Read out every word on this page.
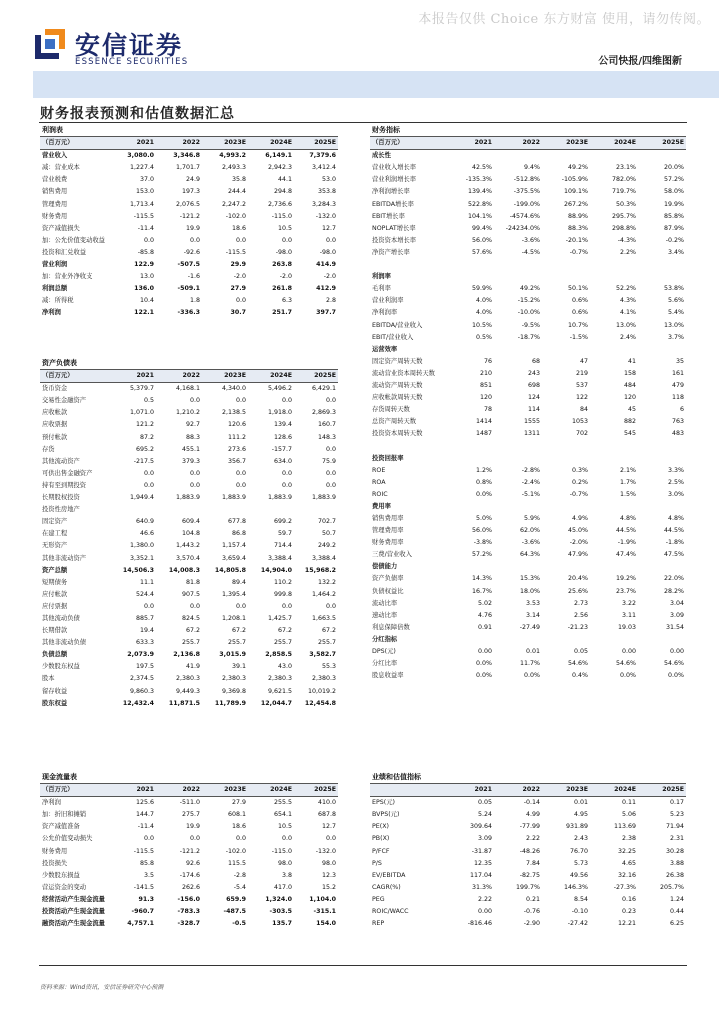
本报告仅供 Choice 东方财富 使用，请勿传阅。
安信证券
ESSENCE SECURITIES	公司快报/四维图新
财务报表预测和估值数据汇总
利润表					
（百万元）	2021	2022	2023E	2024E	2025E
营业收入	3,080.0	3,346.8	4,993.2	6,149.1	7,379.6
减：营业成本	1,227.4	1,701.7	2,493.3	2,942.3	3,412.4
营业税费	37.0	24.9	35.8	44.1	53.0
销售费用	153.0	197.3	244.4	294.8	353.8
管理费用	1,713.4	2,076.5	2,247.2	2,736.6	3,284.3
财务费用	-115.5	-121.2	-102.0	-115.0	-132.0
资产减值损失	-11.4	19.9	18.6	10.5	12.7
加：公允价值变动收益	0.0	0.0	0.0	0.0	0.0
投资和汇兑收益	-85.8	-92.6	-115.5	-98.0	-98.0
营业利润	122.9	-507.5	29.9	263.8	414.9
加：营业外净收支	13.0	-1.6	-2.0	-2.0	-2.0
利润总额	136.0	-509.1	27.9	261.8	412.9
减：所得税	10.4	1.8	0.0	6.3	2.8
净利润	122.1	-336.3	30.7	251.7	397.7
资产负债表					
（百万元）	2021	2022	2023E	2024E	2025E
货币资金	5,379.7	4,168.1	4,340.0	5,496.2	6,429.1
交易性金融资产	0.5	0.0	0.0	0.0	0.0
应收帐款	1,071.0	1,210.2	2,138.5	1,918.0	2,869.3
应收票据	121.2	92.7	120.6	139.4	160.7
预付帐款	87.2	88.3	111.2	128.6	148.3
存货	695.2	455.1	273.6	-157.7	0.0
其他流动资产	-217.5	379.3	356.7	634.0	75.9
可供出售金融资产	0.0	0.0	0.0	0.0	0.0
持有至到期投资	0.0	0.0	0.0	0.0	0.0
长期股权投资	1,949.4	1,883.9	1,883.9	1,883.9	1,883.9
投资性房地产					
固定资产	640.9	609.4	677.8	699.2	702.7
在建工程	46.6	104.8	86.8	59.7	50.7
无形资产	1,380.0	1,443.2	1,157.4	714.4	249.2
其他非流动资产	3,352.1	3,570.4	3,659.4	3,388.4	3,388.4
资产总额	14,506.3	14,008.3	14,805.8	14,904.0	15,968.2
短期债务	11.1	81.8	89.4	110.2	132.2
应付帐款	524.4	907.5	1,395.4	999.8	1,464.2
应付票据	0.0	0.0	0.0	0.0	0.0
其他流动负债	885.7	824.5	1,208.1	1,425.7	1,663.5
长期借款	19.4	67.2	67.2	67.2	67.2
其他非流动负债	633.3	255.7	255.7	255.7	255.7
负债总额	2,073.9	2,136.8	3,015.9	2,858.5	3,582.7
少数股东权益	197.5	41.9	39.1	43.0	55.3
股本	2,374.5	2,380.3	2,380.3	2,380.3	2,380.3
留存收益	9,860.3	9,449.3	9,369.8	9,621.5	10,019.2
股东权益	12,432.4	11,871.5	11,789.9	12,044.7	12,454.8
现金流量表					
（百万元）	2021	2022	2023E	2024E	2025E
净利润	125.6	-511.0	27.9	255.5	410.0
加：折旧和摊销	144.7	275.7	608.1	654.1	687.8
资产减值准备	-11.4	19.9	18.6	10.5	12.7
公允价值变动损失	0.0	0.0	0.0	0.0	0.0
财务费用	-115.5	-121.2	-102.0	-115.0	-132.0
投资损失	85.8	92.6	115.5	98.0	98.0
少数股东损益	3.5	-174.6	-2.8	3.8	12.3
营运资金的变动	-141.5	262.6	-5.4	417.0	15.2
经营活动产生现金流量	91.3	-156.0	659.9	1,324.0	1,104.0
投资活动产生现金流量	-960.7	-783.3	-487.5	-303.5	-315.1
融资活动产生现金流量	4,757.1	-328.7	-0.5	135.7	154.0
财务指标					
（百万元）	2021	2022	2023E	2024E	2025E
成长性					
营业收入增长率	42.5%	9.4%	49.2%	23.1%	20.0%
营业利润增长率	-135.3%	-512.8%	-105.9%	782.0%	57.2%
净利润增长率	139.4%	-375.5%	109.1%	719.7%	58.0%
EBITDA增长率	522.8%	-199.0%	267.2%	50.3%	19.9%
EBIT增长率	104.1%	-4574.6%	88.9%	295.7%	85.8%
NOPLAT增长率	99.4%	-24234.0%	88.3%	298.8%	87.9%
投资资本增长率	56.0%	-3.6%	-20.1%	-4.3%	-0.2%
净资产增长率	57.6%	-4.5%	-0.7%	2.2%	3.4%

利润率					
毛利率	59.9%	49.2%	50.1%	52.2%	53.8%
营业利润率	4.0%	-15.2%	0.6%	4.3%	5.6%
净利润率	4.0%	-10.0%	0.6%	4.1%	5.4%
EBITDA/营业收入	10.5%	-9.5%	10.7%	13.0%	13.0%
EBIT/营业收入	0.5%	-18.7%	-1.5%	2.4%	3.7%
运营效率					
固定资产周转天数	76	68	47	41	35
流动营业资本周转天数	210	243	219	158	161
流动资产周转天数	851	698	537	484	479
应收帐款周转天数	120	124	122	120	118
存货周转天数	78	114	84	45	6
总资产周转天数	1414	1555	1053	882	763
投资资本周转天数	1487	1311	702	545	483

投资回报率					
ROE	1.2%	-2.8%	0.3%	2.1%	3.3%
ROA	0.8%	-2.4%	0.2%	1.7%	2.5%
ROIC	0.0%	-5.1%	-0.7%	1.5%	3.0%
费用率					
销售费用率	5.0%	5.9%	4.9%	4.8%	4.8%
管理费用率	56.0%	62.0%	45.0%	44.5%	44.5%
财务费用率	-3.8%	-3.6%	-2.0%	-1.9%	-1.8%
三费/营业收入	57.2%	64.3%	47.9%	47.4%	47.5%
偿债能力					
资产负债率	14.3%	15.3%	20.4%	19.2%	22.0%
负债权益比	16.7%	18.0%	25.6%	23.7%	28.2%
流动比率	5.02	3.53	2.73	3.22	3.04
速动比率	4.76	3.14	2.56	3.11	3.09
利息保障倍数	0.91	-27.49	-21.23	19.03	31.54
分红指标					
DPS(元)	0.00	0.01	0.05	0.00	0.00
分红比率	0.0%	11.7%	54.6%	54.6%	54.6%
股息收益率	0.0%	0.0%	0.4%	0.0%	0.0%
业绩和估值指标					
	2021	2022	2023E	2024E	2025E
EPS(元)	0.05	-0.14	0.01	0.11	0.17
BVPS(元)	5.24	4.99	4.95	5.06	5.23
PE(X)	309.64	-77.99	931.89	113.69	71.94
PB(X)	3.09	2.22	2.43	2.38	2.31
P/FCF	-31.87	-48.26	76.70	32.25	30.28
P/S	12.35	7.84	5.73	4.65	3.88
EV/EBITDA	117.04	-82.75	49.56	32.16	26.38
CAGR(%)	31.3%	199.7%	146.3%	-27.3%	205.7%
PEG	2.22	0.21	8.54	0.16	1.24
ROIC/WACC	0.00	-0.76	-0.10	0.23	0.44
REP	-816.46	-2.90	-27.42	12.21	6.25
资料来源：Wind资讯，安信证券研究中心预测
